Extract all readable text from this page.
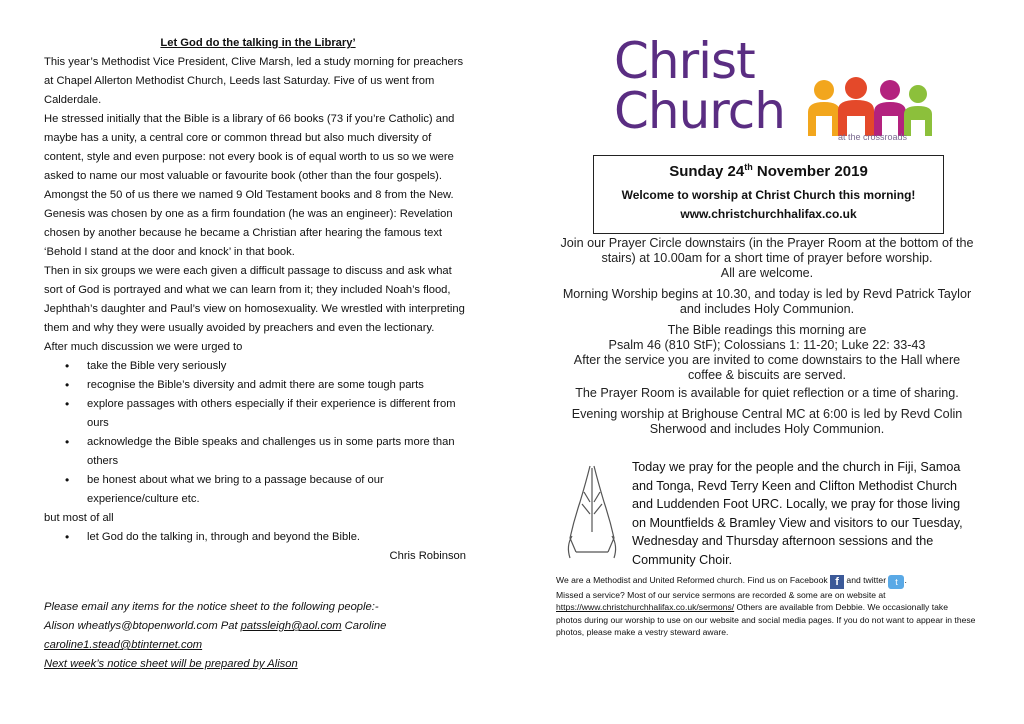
Let God do the talking in the Library’

This year’s Methodist Vice President, Clive Marsh, led a study morning for preachers at Chapel Allerton Methodist Church, Leeds last Saturday. Five of us went from Calderdale.

He stressed initially that the Bible is a library of 66 books (73 if you’re Catholic) and maybe has a unity, a central core or common thread but also much diversity of content, style and even purpose: not every book is of equal worth to us so we were asked to name our most valuable or favourite book (other than the four gospels). Amongst the 50 of us there we named 9 Old Testament books and 8 from the New. Genesis was chosen by one as a firm foundation (he was an engineer): Revelation chosen by another because he became a Christian after hearing the famous text ‘Behold I stand at the door and knock’ in that book.

Then in six groups we were each given a difficult passage to discuss and ask what sort of God is portrayed and what we can learn from it; they included Noah’s flood, Jephthah’s daughter and Paul’s view on homosexuality. We wrestled with interpreting them and why they were usually avoided by preachers and even the lectionary.

After much discussion we were urged to

• take the Bible very seriously
• recognise the Bible’s diversity and admit there are some tough parts
• explore passages with others especially if their experience is different from ours
• acknowledge the Bible speaks and challenges us in some parts more than others
• be honest about what we bring to a passage because of our experience/culture etc.

but most of all

• let God do the talking in, through and beyond the Bible.

Chris Robinson

Please email any items for the notice sheet to the following people:-

Alison wheatlys@btopenworld.com Pat patssleigh@aol.com Caroline

caroline1.stead@btinternet.com

Next week’s notice sheet will be prepared by Alison

Christ
Church	at the crossroads
Sunday 24th November 2019
Welcome to worship at Christ Church this morning!
www.christchurchhalifax.co.uk

Join our Prayer Circle downstairs (in the Prayer Room at the bottom of the stairs) at 10.00am for a short time of prayer before worship.
All are welcome.

Morning Worship begins at 10.30, and today is led by Revd Patrick Taylor and includes Holy Communion.

The Bible readings this morning are
Psalm 46 (810 StF); Colossians 1: 11-20; Luke 22: 33-43
After the service you are invited to come downstairs to the Hall where coffee & biscuits are served.

The Prayer Room is available for quiet reflection or a time of sharing.

Evening worship at Brighouse Central MC at 6:00 is led by Revd Colin Sherwood and includes Holy Communion.

Today we pray for the people and the church in Fiji, Samoa and Tonga, Revd Terry Keen and Clifton Methodist Church and Luddenden Foot URC. Locally, we pray for those living on Mountfields & Bramley View and visitors to our Tuesday, Wednesday and Thursday afternoon sessions and the Community Choir.
We are a Methodist and United Reformed church. Find us on Facebook f and twitter t .
Missed a service? Most of our service sermons are recorded & some are on website at
https://www.christchurchhalifax.co.uk/sermons/ Others are available from Debbie. We occasionally take photos during our worship to use on our website and social media pages. If you do not want to appear in these photos, please make a vestry steward aware.
